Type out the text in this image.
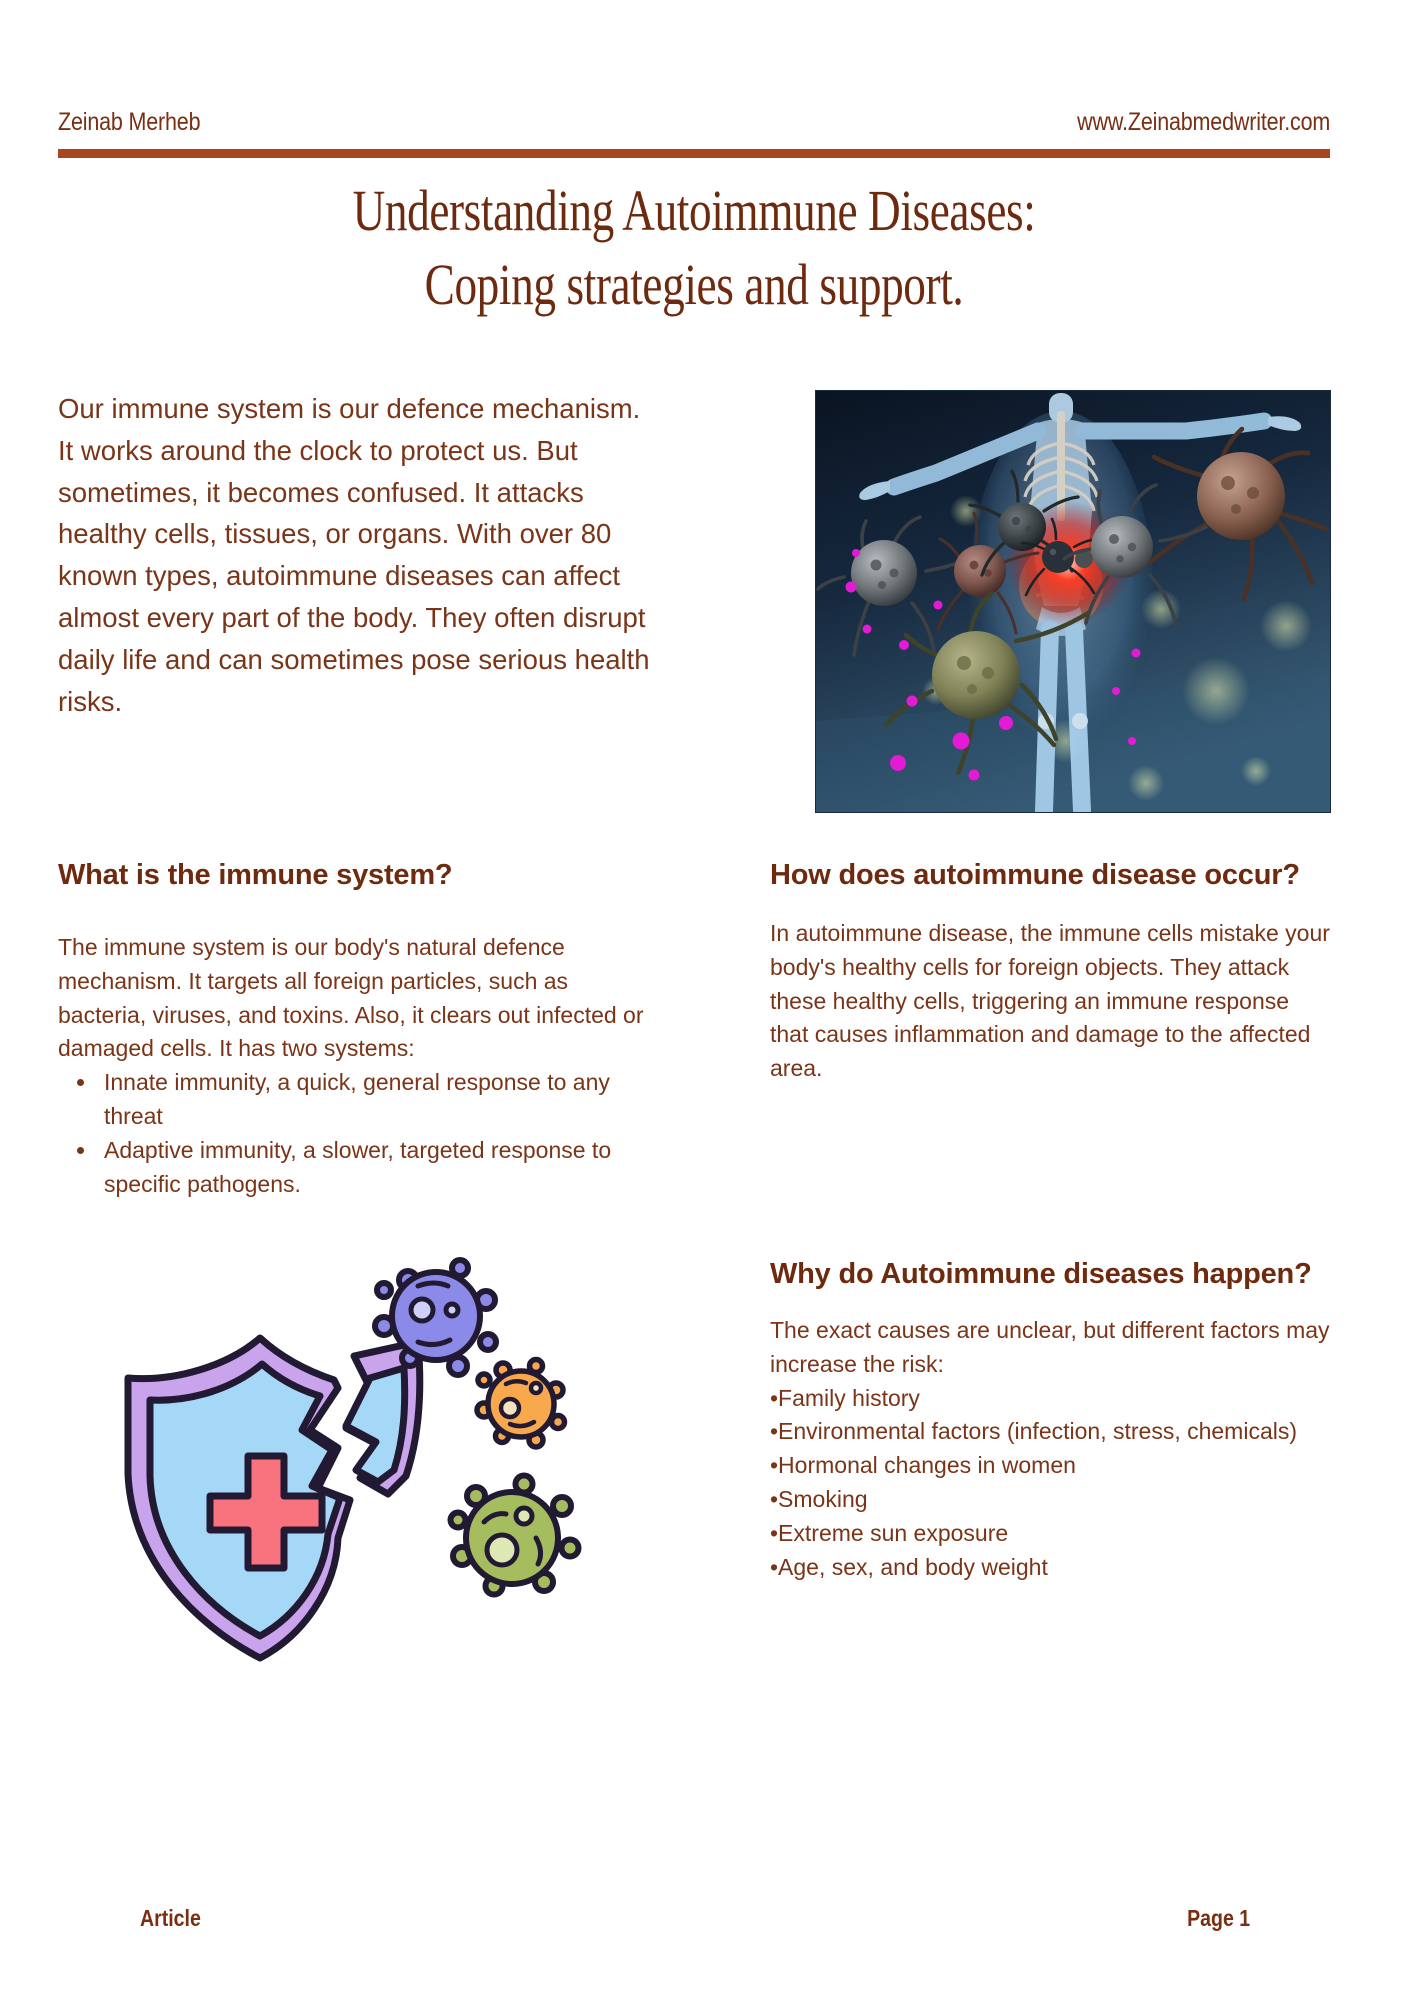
Zeinab Merheb	www.Zeinabmedwriter.com
Understanding Autoimmune Diseases:
Coping strategies and support.
Our immune system is our defence mechanism. It works around the clock to protect us. But sometimes, it becomes confused. It attacks healthy cells, tissues, or organs. With over 80 known types, autoimmune diseases can affect almost every part of the body. They often disrupt daily life and can sometimes pose serious health risks.
What is the immune system?
The immune system is our body's natural defence mechanism. It targets all foreign particles, such as bacteria, viruses, and toxins. Also, it clears out infected or damaged cells. It has two systems:
• Innate immunity, a quick, general response to any threat
• Adaptive immunity, a slower, targeted response to specific pathogens.
How does autoimmune disease occur?
In autoimmune disease, the immune cells mistake your body's healthy cells for foreign objects. They attack these healthy cells, triggering an immune response that causes inflammation and damage to the affected area.
Why do Autoimmune diseases happen?
The exact causes are unclear, but different factors may increase the risk:

•Family history

•Environmental factors (infection, stress, chemicals)

•Hormonal changes in women

•Smoking

•Extreme sun exposure

•Age, sex, and body weight

Article	Page 1
